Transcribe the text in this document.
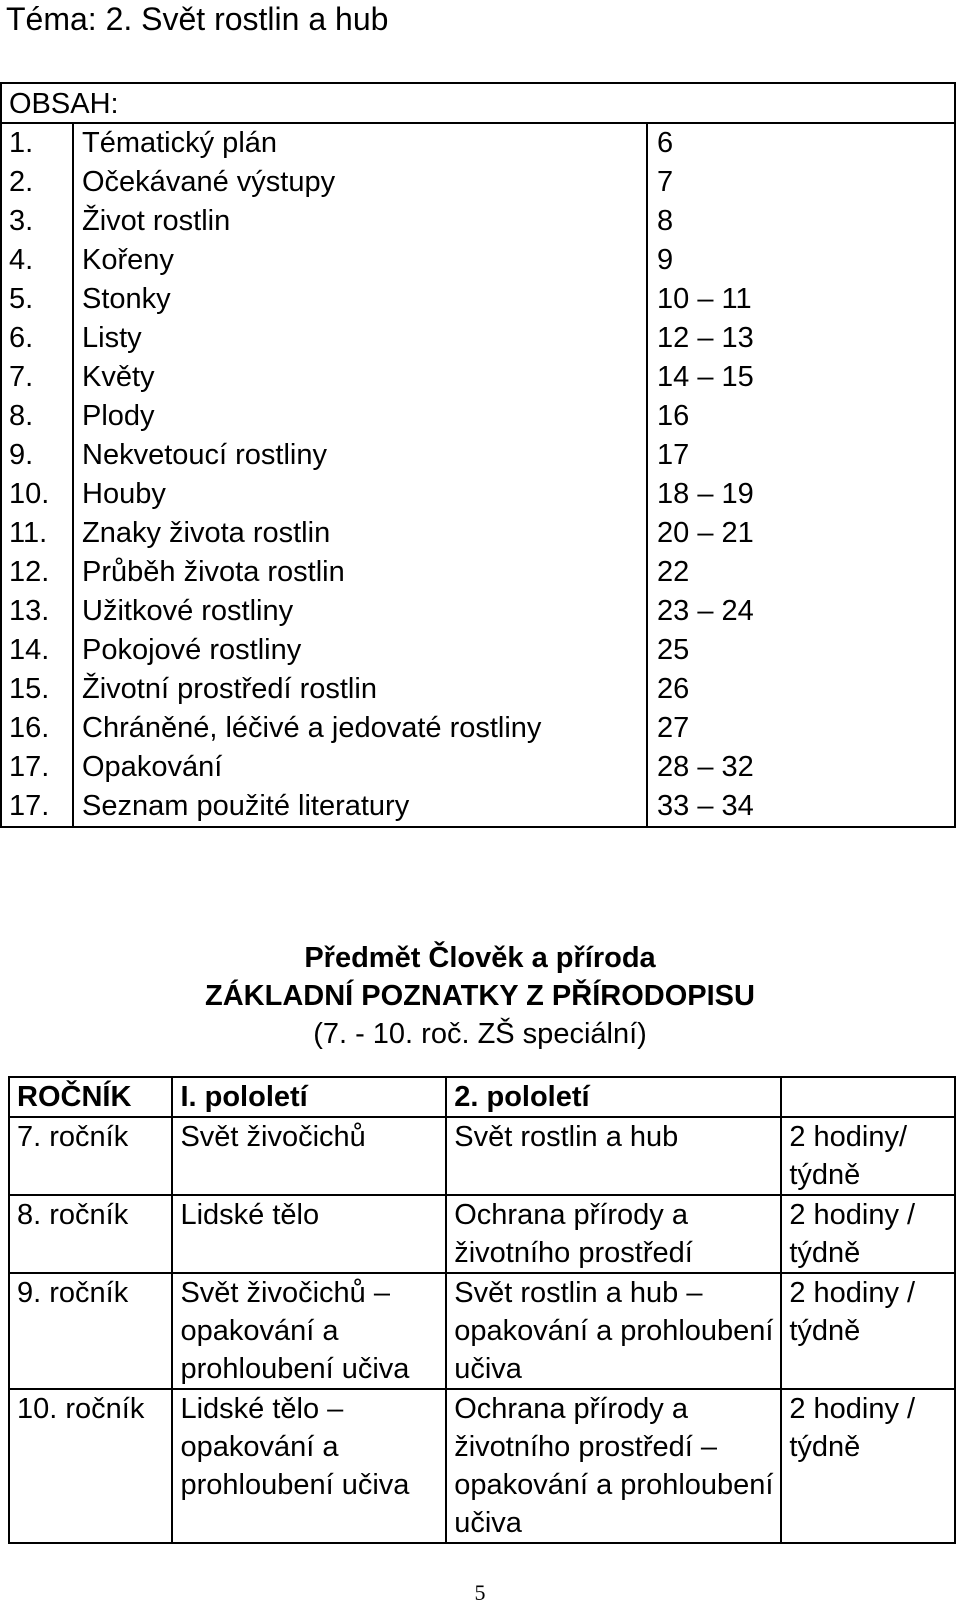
Téma: 2. Svět rostlin a hub
OBSAH:
1.	Tématický plán	6
2.	Očekávané výstupy	7
3.	Život rostlin	8
4.	Kořeny	9
5.	Stonky	10 – 11
6.	Listy	12 – 13
7.	Květy	14 – 15
8.	Plody	16
9.	Nekvetoucí rostliny	17
10.	Houby	18 – 19
11.	Znaky života rostlin	20 – 21
12.	Průběh života rostlin	22
13.	Užitkové rostliny	23 – 24
14.	Pokojové rostliny	25
15.	Životní prostředí rostlin	26
16.	Chráněné, léčivé a jedovaté rostliny	27
17.	Opakování	28 – 32
17.	Seznam použité literatury	33 – 34
Předmět Člověk a příroda
ZÁKLADNÍ POZNATKY Z PŘÍRODOPISU
(7. - 10. roč. ZŠ speciální)
ROČNÍK	I. pololetí	2. pololetí	
7. ročník	Svět živočichů	Svět rostlin a hub	2 hodiny/ týdně
8. ročník	Lidské tělo	Ochrana přírody a životního prostředí	2 hodiny / týdně
9. ročník	Svět živočichů – opakování a prohloubení učiva	Svět rostlin a hub – opakování a prohloubení učiva	2 hodiny / týdně
10. ročník	Lidské tělo – opakování a prohloubení učiva	Ochrana přírody a životního prostředí – opakování a prohloubení učiva	2 hodiny / týdně
5
